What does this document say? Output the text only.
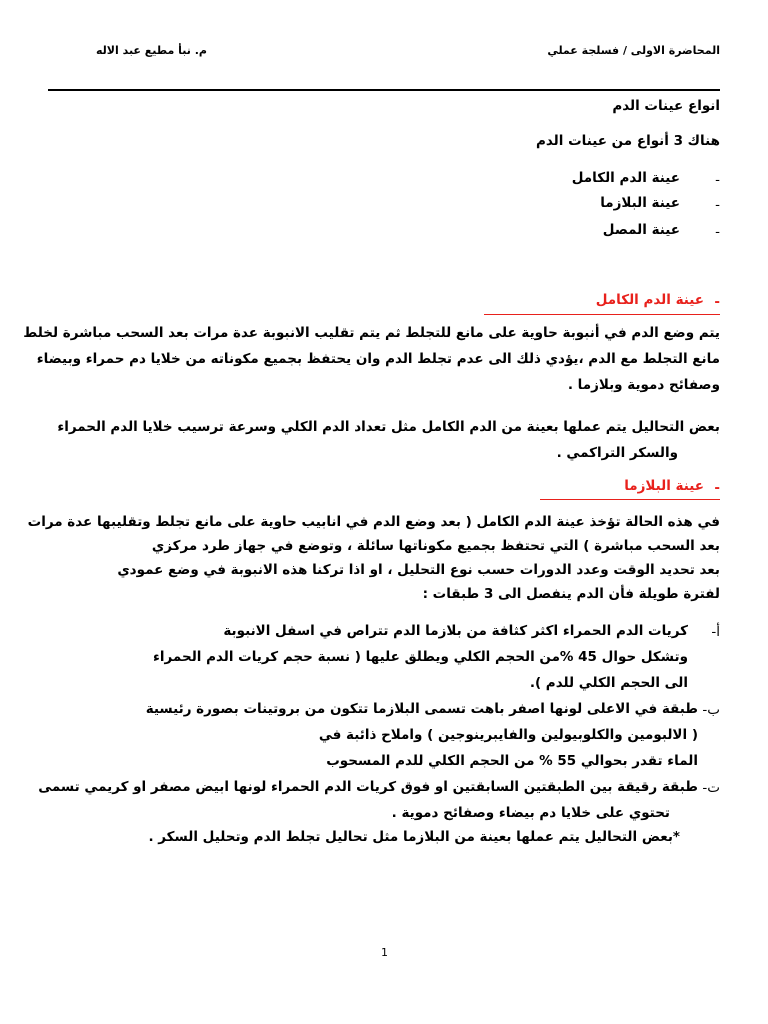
م. نبأ مطيع عبد الاله	المحاضرة الاولى / فسلجة عملي
انواع عينات الدم
هناك 3 أنواع من عينات الدم
-
عينة الدم الكامل
-
عينة البلازما
-
عينة المصل
-
عينة الدم الكامل
يتم وضع الدم في أنبوبة حاوية على مانع للتجلط ثم يتم تقليب الانبوبة عدة مرات بعد السحب مباشرة لخلط
مانع التجلط مع الدم ،يؤدي ذلك الى عدم تجلط الدم وان يحتفظ بجميع مكوناته من خلايا دم حمراء وبيضاء
وصفائح دموية وبلازما .
بعض التحاليل يتم عملها بعينة من الدم الكامل مثل تعداد الدم الكلي وسرعة ترسيب خلايا الدم الحمراء
والسكر التراكمي .
-
عينة البلازما
في هذه الحالة تؤخذ عينة الدم الكامل ( بعد وضع الدم في انابيب حاوية على مانع تجلط وتقليبها عدة مرات
بعد السحب مباشرة ) التي تحتفظ بجميع مكوناتها سائلة ، وتوضع في جهاز طرد مركزي
بعد تحديد الوقت وعدد الدورات حسب نوع التحليل ، او اذا تركنا هذه الانبوبة في وضع عمودي
لفترة طويلة فأن الدم ينفصل الى 3 طبقات :
أ-
كريات الدم الحمراء اكثر كثافة من بلازما الدم تتراص في اسفل الانبوبة
وتشكل حوال 45 %من الحجم الكلي ويطلق عليها ( نسبة حجم كريات الدم الحمراء
الى الحجم الكلي للدم ).
ب-
طبقة في الاعلى لونها اصفر باهت تسمى البلازما تتكون من بروتينات بصورة رئيسية
( الالبومين والكلوبيولين والفايبرينوجين ) واملاح ذائبة في
الماء تقدر بحوالي 55 % من الحجم الكلي للدم المسحوب
ت-
طبقة رقيقة بين الطبقتين السابقتين او فوق كريات الدم الحمراء لونها ابيض مصفر او كريمي تسمى
تحتوي على خلايا دم بيضاء وصفائح دموية .
*بعض التحاليل يتم عملها بعينة من البلازما مثل تحاليل تجلط الدم وتحليل السكر .
1
